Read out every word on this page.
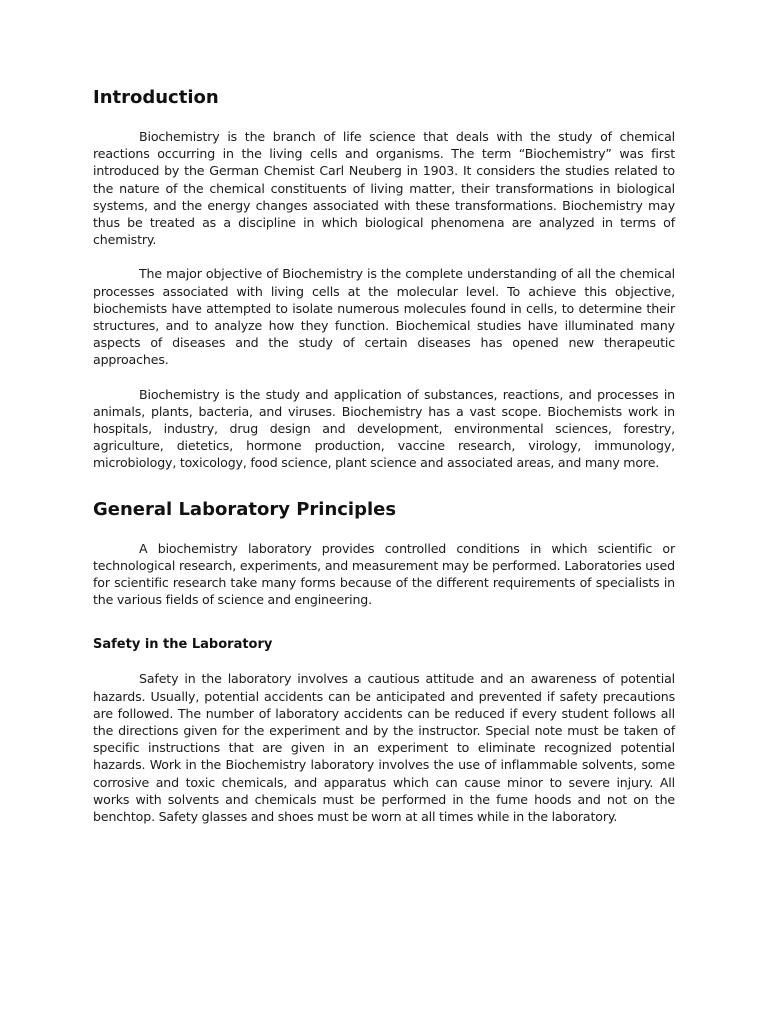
Introduction

Biochemistry is the branch of life science that deals with the study of chemical reactions occurring in the living cells and organisms. The term “Biochemistry” was first introduced by the German Chemist Carl Neuberg in 1903. It considers the studies related to the nature of the chemical constituents of living matter, their transformations in biological systems, and the energy changes associated with these transformations. Biochemistry may thus be treated as a discipline in which biological phenomena are analyzed in terms of chemistry.

The major objective of Biochemistry is the complete understanding of all the chemical processes associated with living cells at the molecular level. To achieve this objective, biochemists have attempted to isolate numerous molecules found in cells, to determine their structures, and to analyze how they function. Biochemical studies have illuminated many aspects of diseases and the study of certain diseases has opened new therapeutic approaches.

Biochemistry is the study and application of substances, reactions, and processes in animals, plants, bacteria, and viruses. Biochemistry has a vast scope. Biochemists work in hospitals, industry, drug design and development, environmental sciences, forestry, agriculture, dietetics, hormone production, vaccine research, virology, immunology, microbiology, toxicology, food science, plant science and associated areas, and many more.

General Laboratory Principles

A biochemistry laboratory provides controlled conditions in which scientific or technological research, experiments, and measurement may be performed. Laboratories used for scientific research take many forms because of the different requirements of specialists in the various fields of science and engineering.

Safety in the Laboratory

Safety in the laboratory involves a cautious attitude and an awareness of potential hazards. Usually, potential accidents can be anticipated and prevented if safety precautions are followed. The number of laboratory accidents can be reduced if every student follows all the directions given for the experiment and by the instructor. Special note must be taken of specific instructions that are given in an experiment to eliminate recognized potential hazards. Work in the Biochemistry laboratory involves the use of inflammable solvents, some corrosive and toxic chemicals, and apparatus which can cause minor to severe injury. All works with solvents and chemicals must be performed in the fume hoods and not on the benchtop. Safety glasses and shoes must be worn at all times while in the laboratory.
